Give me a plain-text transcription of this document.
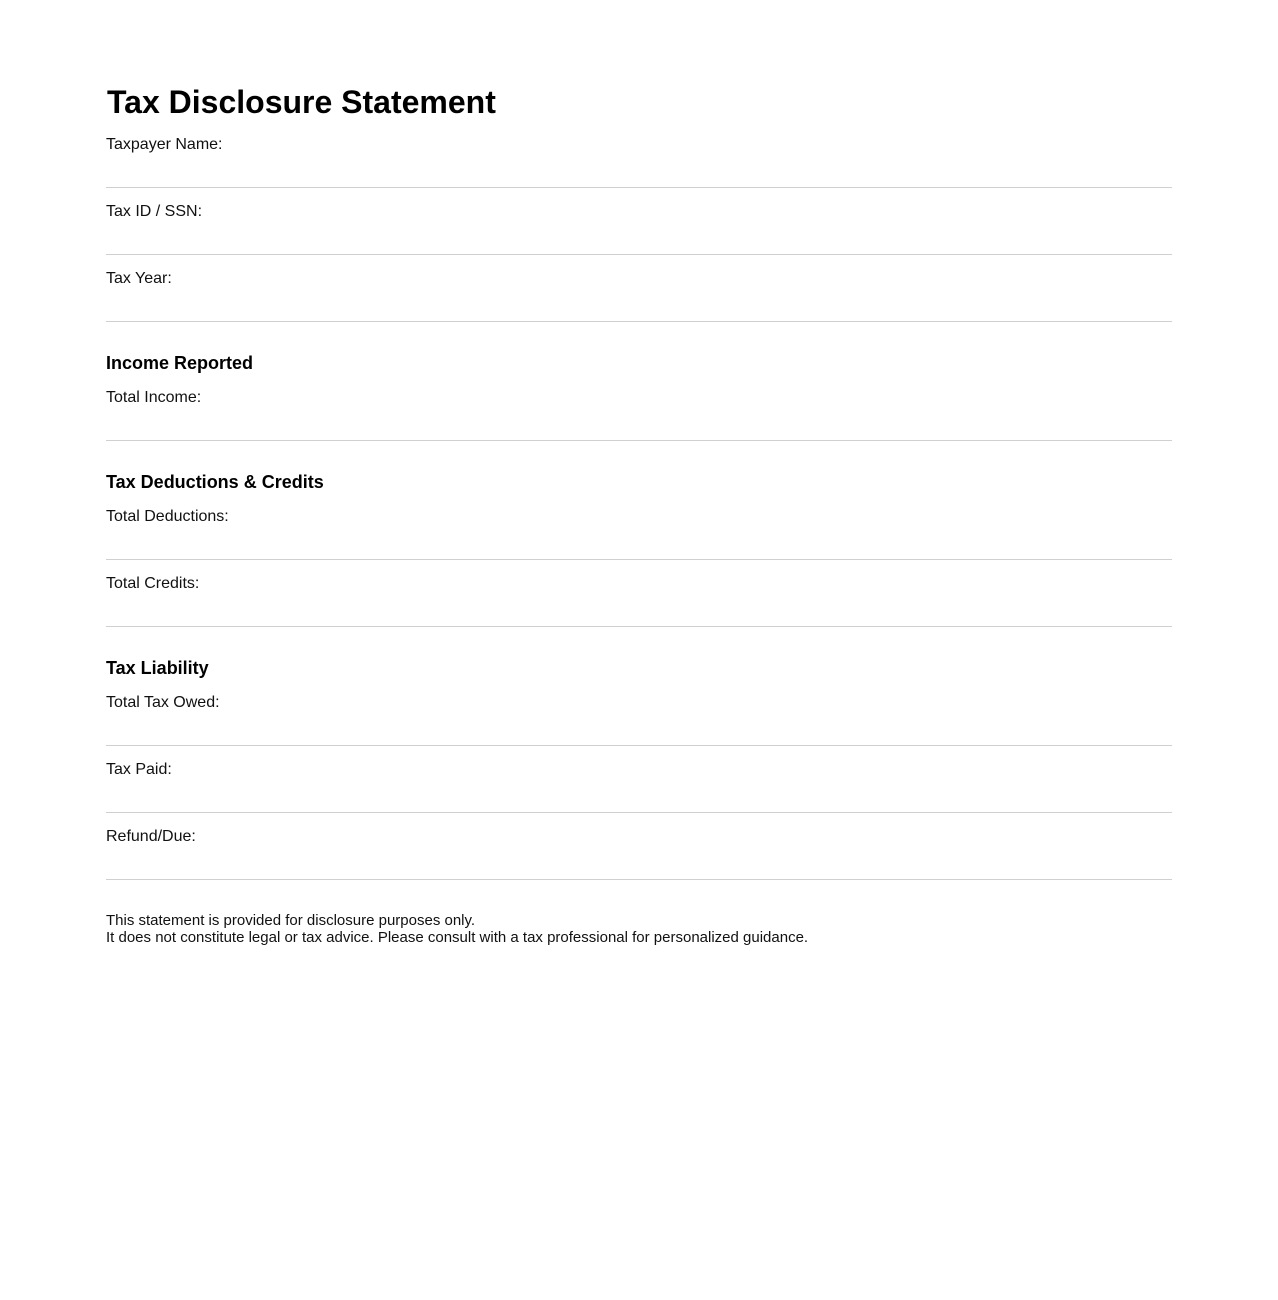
Tax Disclosure Statement
Taxpayer Name:
Tax ID / SSN:
Tax Year:
Income Reported
Total Income:
Tax Deductions & Credits
Total Deductions:
Total Credits:
Tax Liability
Total Tax Owed:
Tax Paid:
Refund/Due:

This statement is provided for disclosure purposes only.

It does not constitute legal or tax advice. Please consult with a tax professional for personalized guidance.
